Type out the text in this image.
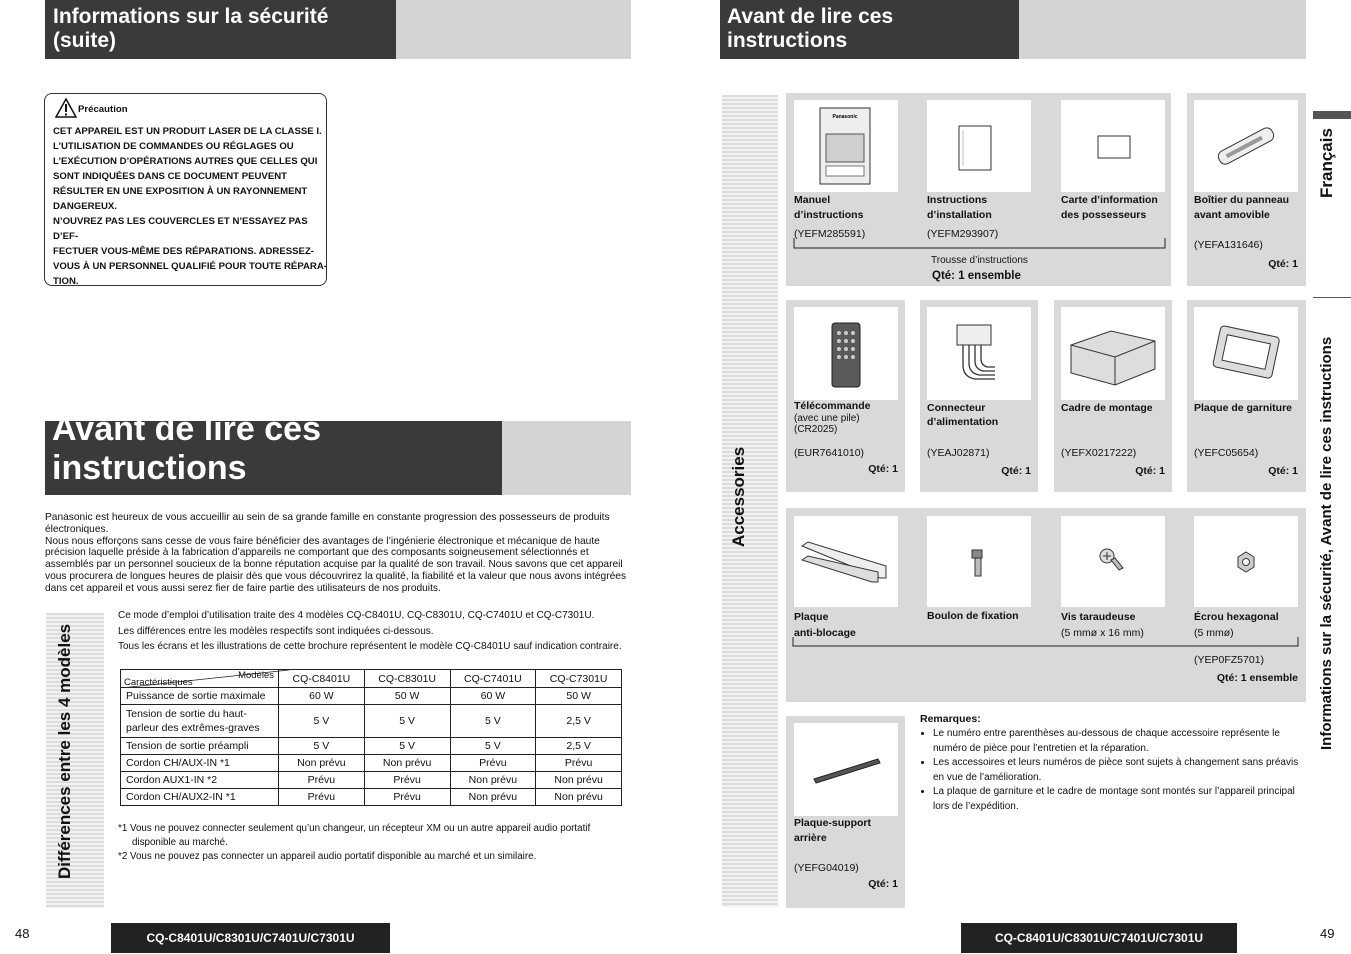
Informations sur la sécurité (suite)
Précaution

CET APPAREIL EST UN PRODUIT LASER DE LA CLASSE Ι.

L’UTILISATION DE COMMANDES OU RÉGLAGES OU

L’EXÉCUTION D’OPÉRATIONS AUTRES QUE CELLES QUI

SONT INDIQUÉES DANS CE DOCUMENT PEUVENT

RÉSULTER EN UNE EXPOSITION À UN RAYONNEMENT

DANGEREUX.

N’OUVREZ PAS LES COUVERCLES ET N’ESSAYEZ PAS D’EF-

FECTUER VOUS-MÊME DES RÉPARATIONS. ADRESSEZ-

VOUS À UN PERSONNEL QUALIFIÉ POUR TOUTE RÉPARA-

TION.

Avant de lire ces instructions

Panasonic est heureux de vous accueillir au sein de sa grande famille en constante progression des possesseurs de produits électroniques.

Nous nous efforçons sans cesse de vous faire bénéficier des avantages de l’ingénierie électronique et mécanique de haute précision laquelle préside à la fabrication d’appareils ne comportant que des composants soigneusement sélectionnés et assemblés par un personnel soucieux de la bonne réputation acquise par la qualité de son travail. Nous savons que cet appareil vous procurera de longues heures de plaisir dès que vous découvrirez la qualité, la fiabilité et la valeur que nous avons intégrées dans cet appareil et vous aussi serez fier de faire partie des utilisateurs de nos produits.

Différences entre les 4 modèles
Ce mode d’emploi d’utilisation traite des 4 modèles CQ-C8401U, CQ-C8301U, CQ-C7401U et CQ-C7301U.
Les différences entre les modèles respectifs sont indiquées ci-dessous.
Tous les écrans et les illustrations de cette brochure représentent le modèle CQ-C8401U sauf indication contraire.
Modèles
Caractéristiques	CQ-C8401U	CQ-C8301U	CQ-C7401U	CQ-C7301U
Puissance de sortie maximale	60 W	50 W	60 W	50 W
Tension de sortie du haut-parleur des extrêmes-graves	5 V	5 V	5 V	2,5 V
Tension de sortie préampli	5 V	5 V	5 V	2,5 V
Cordon CH/AUX-IN *1	Non prévu	Non prévu	Prévu	Prévu
Cordon AUX1-IN *2	Prévu	Prévu	Non prévu	Non prévu
Cordon CH/AUX2-IN *1	Prévu	Prévu	Non prévu	Non prévu
*1 Vous ne pouvez connecter seulement qu’un changeur, un récepteur XM ou un autre appareil audio portatif
disponible au marché.
*2 Vous ne pouvez pas connecter un appareil audio portatif disponible au marché et un similaire.
48	CQ-C8401U/C8301U/C7401U/C7301U
Avant de lire ces instructions
Accessories
Panasonic
Manuel
d’instructions
(YEFM285591)
Instructions
d’installation
(YEFM293907)
Carte d’information
des possesseurs
Trousse d’instructions
Qté: 1 ensemble
Boîtier du panneau
avant amovible
(YEFA131646)
Qté: 1
Télécommande
(avec une pile)
(CR2025)
(EUR7641010)
Qté: 1
Connecteur
d’alimentation
(YEAJ02871)
Qté: 1
Cadre de montage
(YEFX0217222)
Qté: 1
Plaque de garniture
(YEFC05654)
Qté: 1
Plaque
anti-blocage
Boulon de fixation	Vis taraudeuse
(5 mmø x 16 mm)
Écrou hexagonal
(5 mmø)
(YEP0FZ5701)
Qté: 1 ensemble
Plaque-support
arrière
(YEFG04019)
Qté: 1
Remarques:
• Le numéro entre parenthèses au-dessous de chaque accessoire représente le numéro de pièce pour l’entretien et la réparation.
• Les accessoires et leurs numéros de pièce sont sujets à changement sans préavis en vue de l’amélioration.
• La plaque de garniture et le cadre de montage sont montés sur l’appareil principal lors de l’expédition.
Français
Informations sur la sécurité, Avant de lire ces instructions
49
CQ-C8401U/C8301U/C7401U/C7301U
